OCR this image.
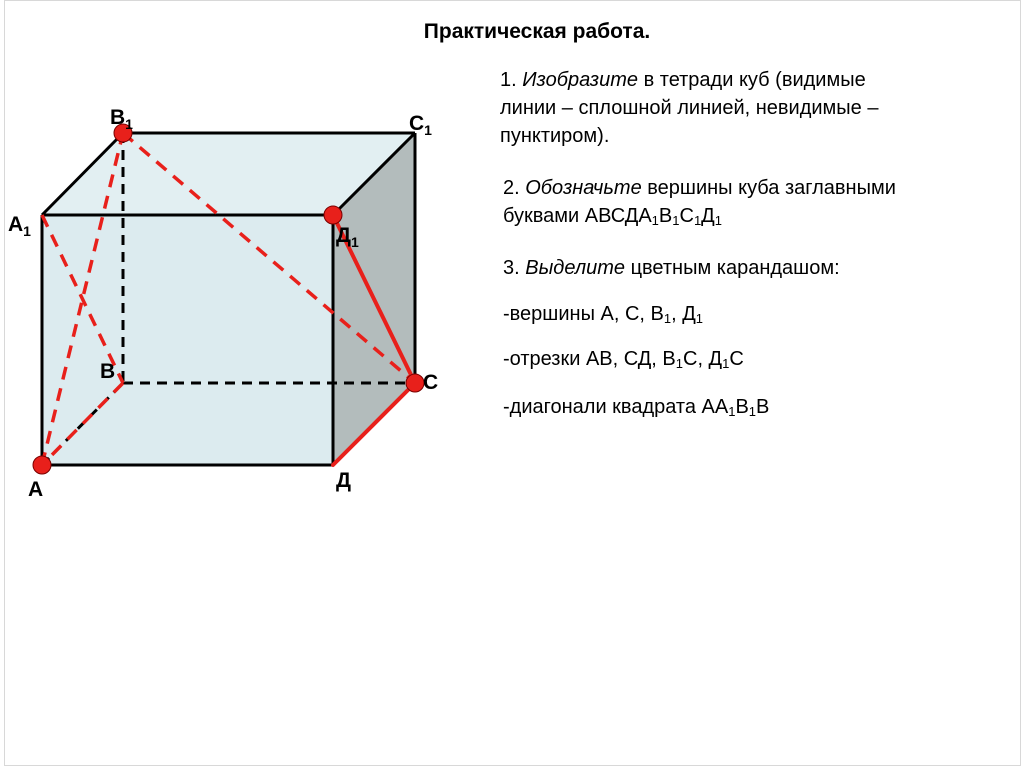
Практическая работа.
$В_1$	$С_1$
$А_1$	$Д_1$
В	С
Д
А
1. Изобразите в тетради куб (видимые
линии – сплошной линией, невидимые –
пунктиром).
2. Обозначьте вершины куба заглавными
буквами $АВСДА_1В_1С_1Д_1$
3. Выделите цветным карандашом:
-вершины А, С, $В_1$, $Д_1$
-отрезки АВ, СД, $В_1С$, $Д_1С$
-диагонали квадрата $АА_1В_1В$
